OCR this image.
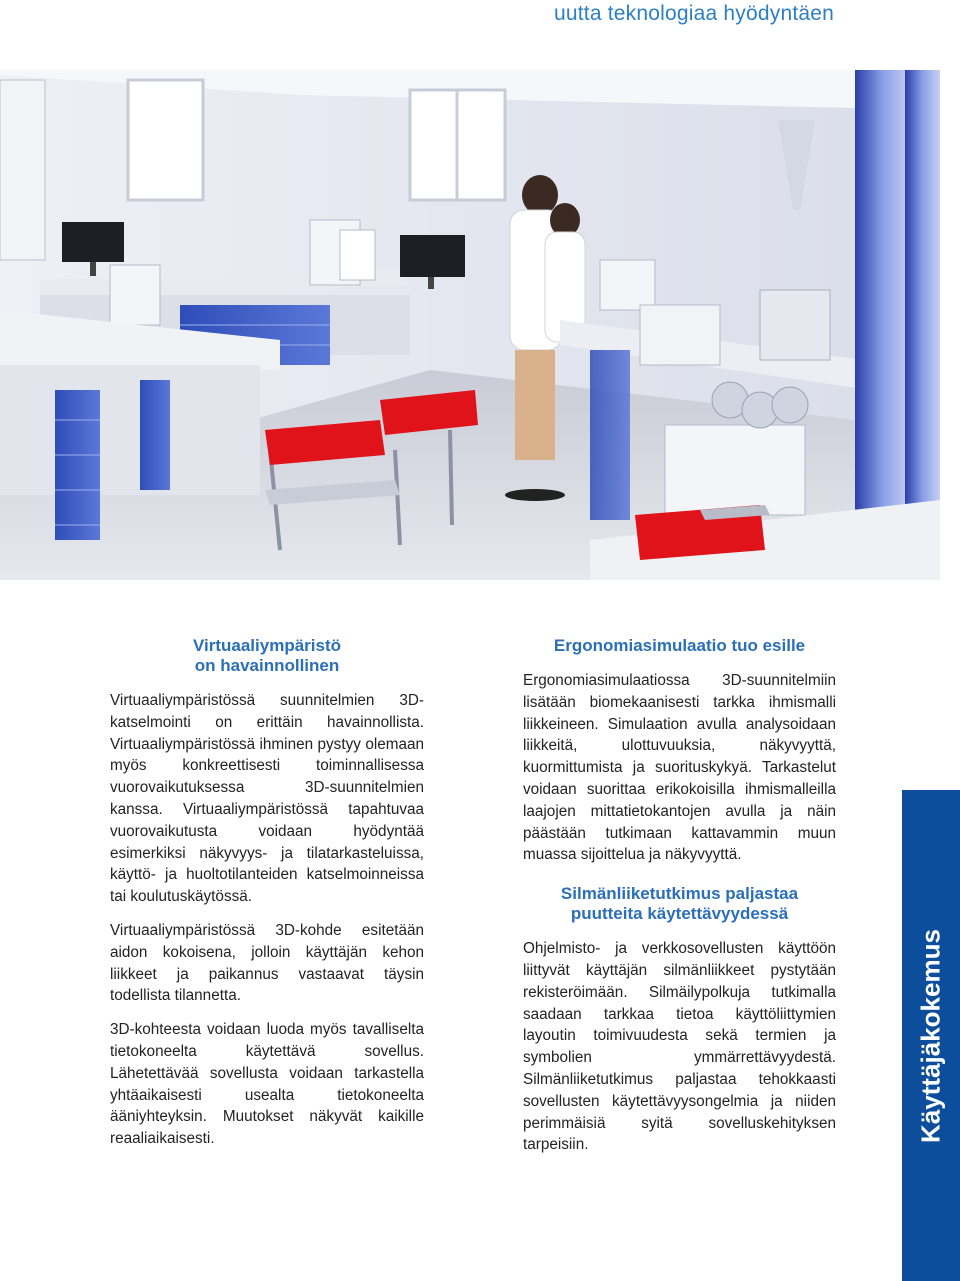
uutta teknologiaa hyödyntäen
Virtuaaliympäristö
on havainnollinen

Virtuaaliympäristössä suunnitelmien 3D-katselmointi on erittäin havainnollista. Virtuaaliympäristössä ihminen pystyy olemaan myös konkreettisesti toiminnallisessa vuorovaikutuksessa 3D-suunnitelmien kanssa. Virtuaaliympäristössä tapahtuvaa vuorovaikutusta voidaan hyödyntää esimerkiksi näkyvyys- ja tilatarkasteluissa, käyttö- ja huoltotilanteiden katselmoinneissa tai koulutuskäytössä.

Virtuaaliympäristössä 3D-kohde esitetään aidon kokoisena, jolloin käyttäjän kehon liikkeet ja paikannus vastaavat täysin todellista tilannetta.

3D-kohteesta voidaan luoda myös tavalliselta tietokoneelta käytettävä sovellus. Lähetettävää sovellusta voidaan tarkastella yhtäaikaisesti usealta tietokoneelta ääniyhteyksin. Muutokset näkyvät kaikille reaaliaikaisesti.

Ergonomiasimulaatio tuo esille

Ergonomiasimulaatiossa 3D-suunnitelmiin lisätään biomekaanisesti tarkka ihmismalli liikkeineen. Simulaation avulla analysoidaan liikkeitä, ulottuvuuksia, näkyvyyttä, kuormittumista ja suorituskykyä. Tarkastelut voidaan suorittaa erikokoisilla ihmismalleilla laajojen mittatietokantojen avulla ja näin päästään tutkimaan kattavammin muun muassa sijoittelua ja näkyvyyttä.

Silmänliiketutkimus paljastaa
puutteita käytettävyydessä

Ohjelmisto- ja verkkosovellusten käyttöön liittyvät käyttäjän silmänliikkeet pystytään rekisteröimään. Silmäilypolkuja tutkimalla saadaan tarkkaa tietoa käyttöliittymien layoutin toimivuudesta sekä termien ja symbolien ymmärrettävyydestä. Silmänliiketutkimus paljastaa tehokkaasti sovellusten käytettävyysongelmia ja niiden perimmäisiä syitä sovelluskehityksen tarpeisiin.

Käyttäjäkokemus
